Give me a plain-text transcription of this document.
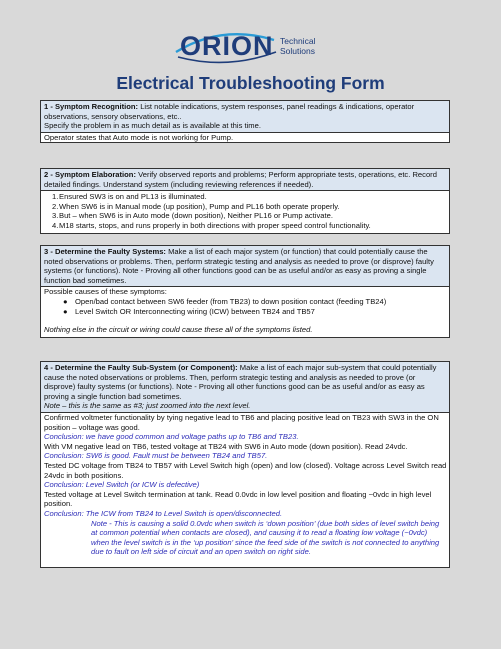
ORION Technical
Solutions
Electrical Troubleshooting Form
1 - Symptom Recognition: List notable indications, system responses, panel readings & indications, operator observations, sensory observations, etc..
Specify the problem in as much detail as is available at this time.
Operator states that Auto mode is not working for Pump.
2 - Symptom Elaboration: Verify observed reports and problems; Perform appropriate tests, operations, etc. Record detailed findings. Understand system (including reviewing references if needed).
1. Ensured SW3 is on and PL13 is illuminated.
2. When SW6 is in Manual mode (up position), Pump and PL16 both operate properly.
3. But – when SW6 is in Auto mode (down position), Neither PL16 or Pump activate.
4. M18 starts, stops, and runs properly in both directions with proper speed control functionality.
3 - Determine the Faulty Systems: Make a list of each major system (or function) that could potentially cause the noted observations or problems. Then, perform strategic testing and analysis as needed to prove (or disprove) faulty systems (or functions). Note - Proving all other functions good can be as useful and/or as easy as proving a single function bad sometimes.
Possible causes of these symptoms:
● Open/bad contact between SW6 feeder (from TB23) to down position contact (feeding TB24)
● Level Switch OR Interconnecting wiring (ICW) between TB24 and TB57
Nothing else in the circuit or wiring could cause these all of the symptoms listed.
4 - Determine the Faulty Sub-System (or Component): Make a list of each major sub-system that could potentially cause the noted observations or problems. Then, perform strategic testing and analysis as needed to prove (or disprove) faulty systems (or functions). Note - Proving all other functions good can be as useful and/or as easy as proving a single function bad sometimes.
Note – this is the same as #3; just zoomed into the next level.
Confirmed voltmeter functionality by tying negative lead to TB6 and placing positive lead on TB23 with SW3 in the ON position – voltage was good.
Conclusion: we have good common and voltage paths up to TB6 and TB23.
With VM negative lead on TB6, tested voltage at TB24 with SW6 in Auto mode (down position). Read 24vdc.
Conclusion: SW6 is good. Fault must be between TB24 and TB57.
Tested DC voltage from TB24 to TB57 with Level Switch high (open) and low (closed). Voltage across Level Switch read 24vdc in both positions.
Conclusion: Level Switch (or ICW is defective)
Tested voltage at Level Switch termination at tank. Read 0.0vdc in low level position and floating ~0vdc in high level position.
Conclusion: The ICW from TB24 to Level Switch is open/disconnected.
Note - This is causing a solid 0.0vdc when switch is ‘down position’ (due both sides of level switch being at common potential when contacts are closed), and causing it to read a floating low voltage (~0vdc) when the level switch is in the ‘up position’ since the feed side of the switch is not connected to anything due to fault on left side of circuit and an open switch on right side.
